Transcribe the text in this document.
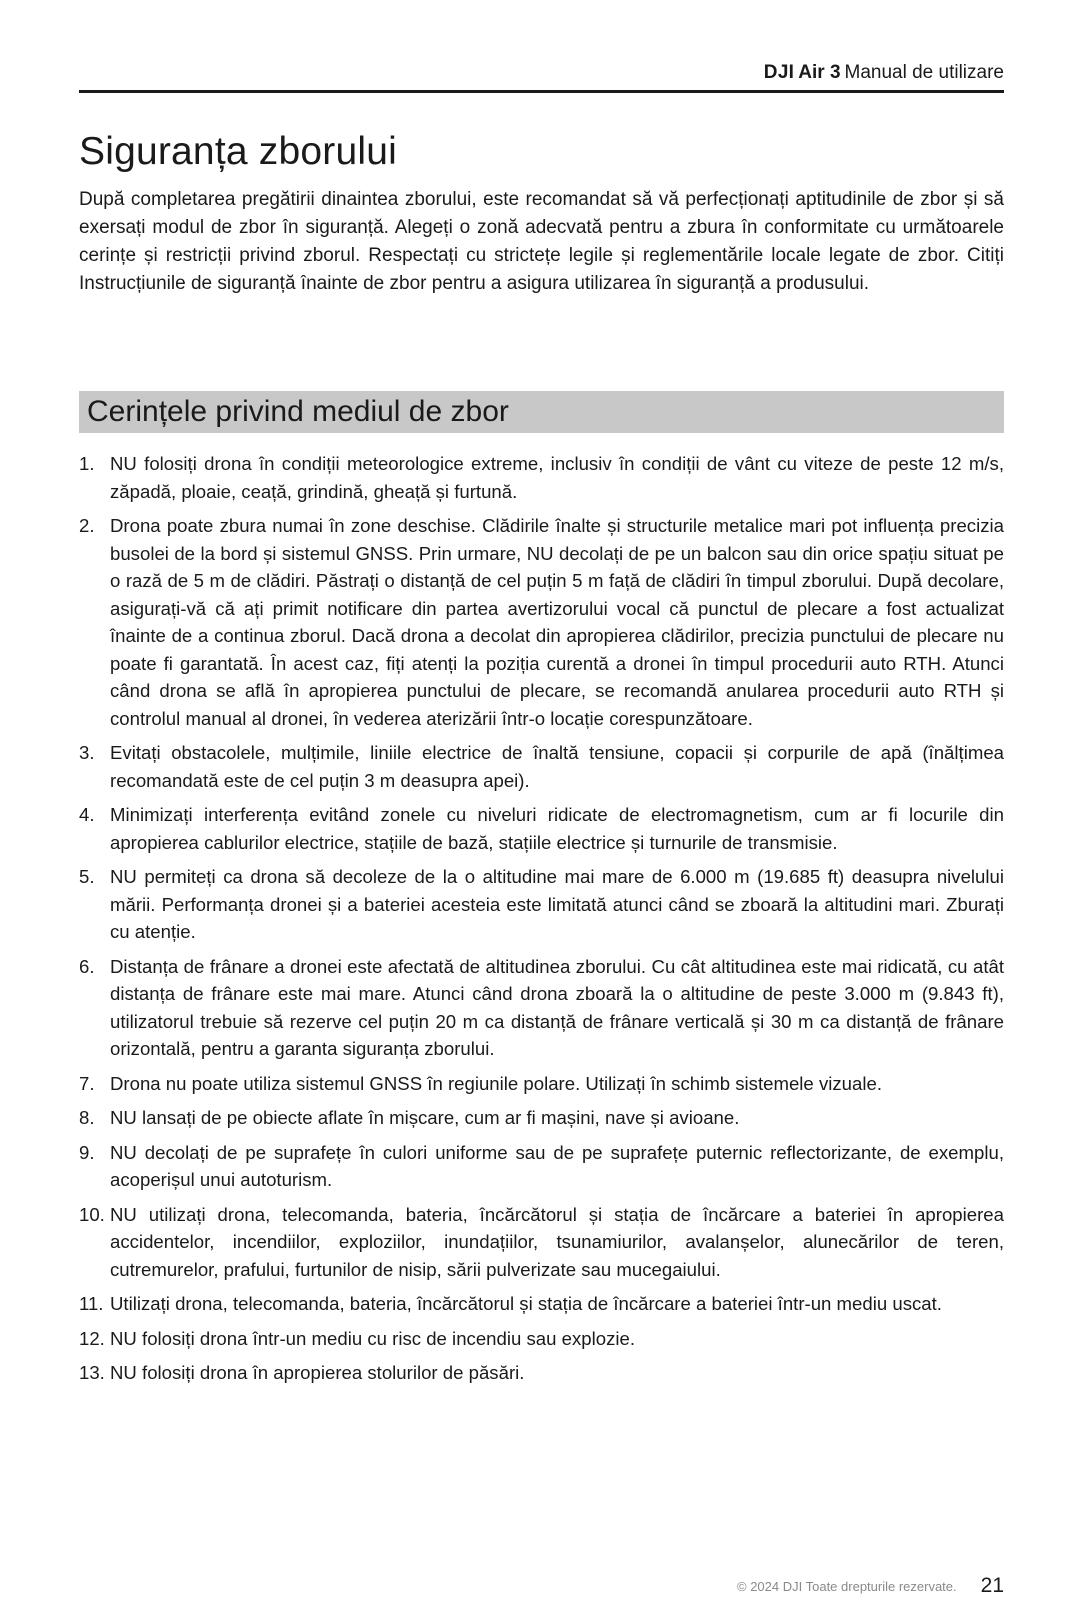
DJI Air 3 Manual de utilizare
Siguranța zborului

După completarea pregătirii dinaintea zborului, este recomandat să vă perfecționați aptitudinile de zbor și să exersați modul de zbor în siguranță. Alegeți o zonă adecvată pentru a zbura în conformitate cu următoarele cerințe și restricții privind zborul. Respectați cu strictețe legile și reglementările locale legate de zbor. Citiți Instrucțiunile de siguranță înainte de zbor pentru a asigura utilizarea în siguranță a produsului.

Cerințele privind mediul de zbor
1. NU folosiți drona în condiții meteorologice extreme, inclusiv în condiții de vânt cu viteze de peste 12 m/s, zăpadă, ploaie, ceață, grindină, gheață și furtună.
2. Drona poate zbura numai în zone deschise. Clădirile înalte și structurile metalice mari pot influența precizia busolei de la bord și sistemul GNSS. Prin urmare, NU decolați de pe un balcon sau din orice spațiu situat pe o rază de 5 m de clădiri. Păstrați o distanță de cel puțin 5 m față de clădiri în timpul zborului. După decolare, asigurați-vă că ați primit notificare din partea avertizorului vocal că punctul de plecare a fost actualizat înainte de a continua zborul. Dacă drona a decolat din apropierea clădirilor, precizia punctului de plecare nu poate fi garantată. În acest caz, fiți atenți la poziția curentă a dronei în timpul procedurii auto RTH. Atunci când drona se află în apropierea punctului de plecare, se recomandă anularea procedurii auto RTH și controlul manual al dronei, în vederea aterizării într-o locație corespunzătoare.
3. Evitați obstacolele, mulțimile, liniile electrice de înaltă tensiune, copacii și corpurile de apă (înălțimea recomandată este de cel puțin 3 m deasupra apei).
4. Minimizați interferența evitând zonele cu niveluri ridicate de electromagnetism, cum ar fi locurile din apropierea cablurilor electrice, stațiile de bază, stațiile electrice și turnurile de transmisie.
5. NU permiteți ca drona să decoleze de la o altitudine mai mare de 6.000 m (19.685 ft) deasupra nivelului mării. Performanța dronei și a bateriei acesteia este limitată atunci când se zboară la altitudini mari. Zburați cu atenție.
6. Distanța de frânare a dronei este afectată de altitudinea zborului. Cu cât altitudinea este mai ridicată, cu atât distanța de frânare este mai mare. Atunci când drona zboară la o altitudine de peste 3.000 m (9.843 ft), utilizatorul trebuie să rezerve cel puțin 20 m ca distanță de frânare verticală și 30 m ca distanță de frânare orizontală, pentru a garanta siguranța zborului.
7. Drona nu poate utiliza sistemul GNSS în regiunile polare. Utilizați în schimb sistemele vizuale.
8. NU lansați de pe obiecte aflate în mișcare, cum ar fi mașini, nave și avioane.
9. NU decolați de pe suprafețe în culori uniforme sau de pe suprafețe puternic reflectorizante, de exemplu, acoperișul unui autoturism.
10. NU utilizați drona, telecomanda, bateria, încărcătorul și stația de încărcare a bateriei în apropierea accidentelor, incendiilor, exploziilor, inundațiilor, tsunamiurilor, avalanșelor, alunecărilor de teren, cutremurelor, prafului, furtunilor de nisip, sării pulverizate sau mucegaiului.
11. Utilizați drona, telecomanda, bateria, încărcătorul și stația de încărcare a bateriei într-un mediu uscat.
12. NU folosiți drona într-un mediu cu risc de incendiu sau explozie.
13. NU folosiți drona în apropierea stolurilor de păsări.
© 2024 DJI Toate drepturile rezervate. 21
